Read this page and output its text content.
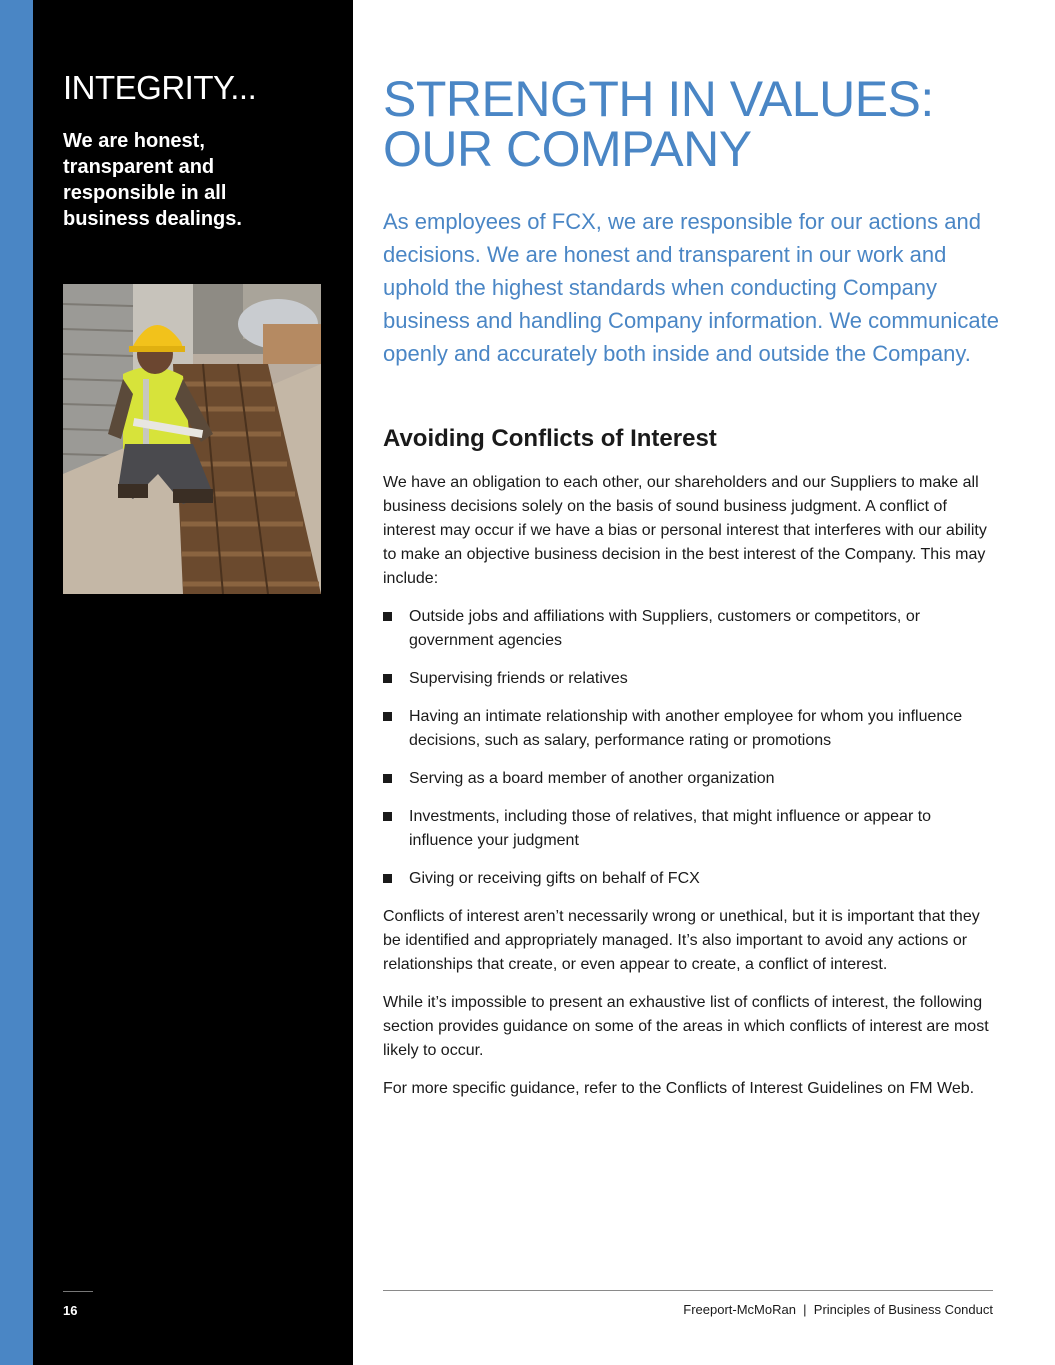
INTEGRITY...

We are honest, transparent and responsible in all business dealings.

16

STRENGTH IN VALUES:
OUR COMPANY

As employees of FCX, we are responsible for our actions and decisions. We are honest and transparent in our work and uphold the highest standards when conducting Company business and handling Company information. We communicate openly and accurately both inside and outside the Company.

Avoiding Conflicts of Interest

We have an obligation to each other, our shareholders and our Suppliers to make all business decisions solely on the basis of sound business judgment. A conflict of interest may occur if we have a bias or personal interest that interferes with our ability to make an objective business decision in the best interest of the Company. This may include:

Outside jobs and affiliations with Suppliers, customers or competitors, or government agencies
Supervising friends or relatives
Having an intimate relationship with another employee for whom you influence decisions, such as salary, performance rating or promotions
Serving as a board member of another organization
Investments, including those of relatives, that might influence or appear to influence your judgment
Giving or receiving gifts on behalf of FCX

Conflicts of interest aren’t necessarily wrong or unethical, but it is important that they be identified and appropriately managed. It’s also important to avoid any actions or relationships that create, or even appear to create, a conflict of interest.

While it’s impossible to present an exhaustive list of conflicts of interest, the following section provides guidance on some of the areas in which conflicts of interest are most likely to occur.

For more specific guidance, refer to the Conflicts of Interest Guidelines on FM Web.

Freeport-McMoRan  |  Principles of Business Conduct
